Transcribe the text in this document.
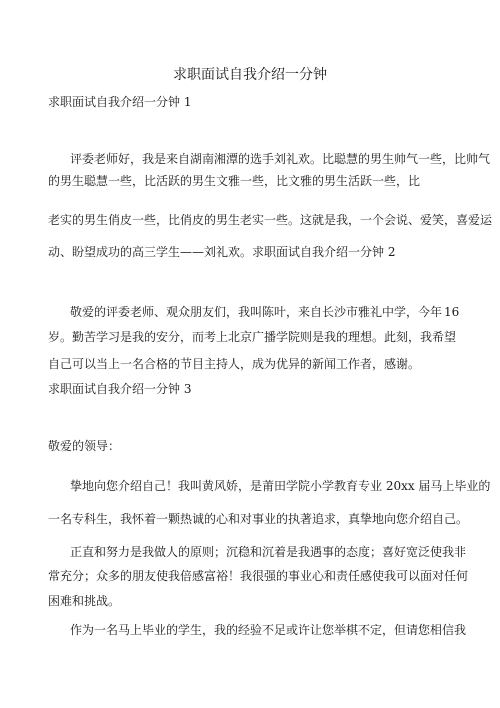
求职面试自我介绍一分钟
求职面试自我介绍一分钟 1
评委老师好，我是来自湖南湘潭的选手刘礼欢。比聪慧的男生帅气一些，比帅气
的男生聪慧一些，比活跃的男生文雅一些，比文雅的男生活跃一些，比
老实的男生俏皮一些，比俏皮的男生老实一些。这就是我，一个会说、爱笑，喜爱运
动、盼望成功的高三学生——刘礼欢。求职面试自我介绍一分钟 2
敬爱的评委老师、观众朋友们，我叫陈叶，来自长沙市雅礼中学，今年 16
岁。勤苦学习是我的安分，而考上北京广播学院则是我的理想。此刻，我希 望
自己可以当上一名合格的节目主持人，成为优异的新闻工作者，感谢。
求职面试自我介绍一分钟 3
敬爱的领导：
挚地向您介绍自己！我叫黄风娇，是莆田学院小学教育专业 20xx 届马上毕业的
一名专科生，我怀着一颗热诚的心和对事业的执著追求，真挚地向您介绍自己。
正直和努力是我做人的原则；沉稳和沉着是我遇事的态度；喜好宽泛使我非
常充分；众多的朋友使我倍感富裕！我很强的事业心和责任感使我可以面对任何
困难和挑战。
作为一名马上毕业的学生，我的经验不足或许让您举棋不定，但请您相信我
